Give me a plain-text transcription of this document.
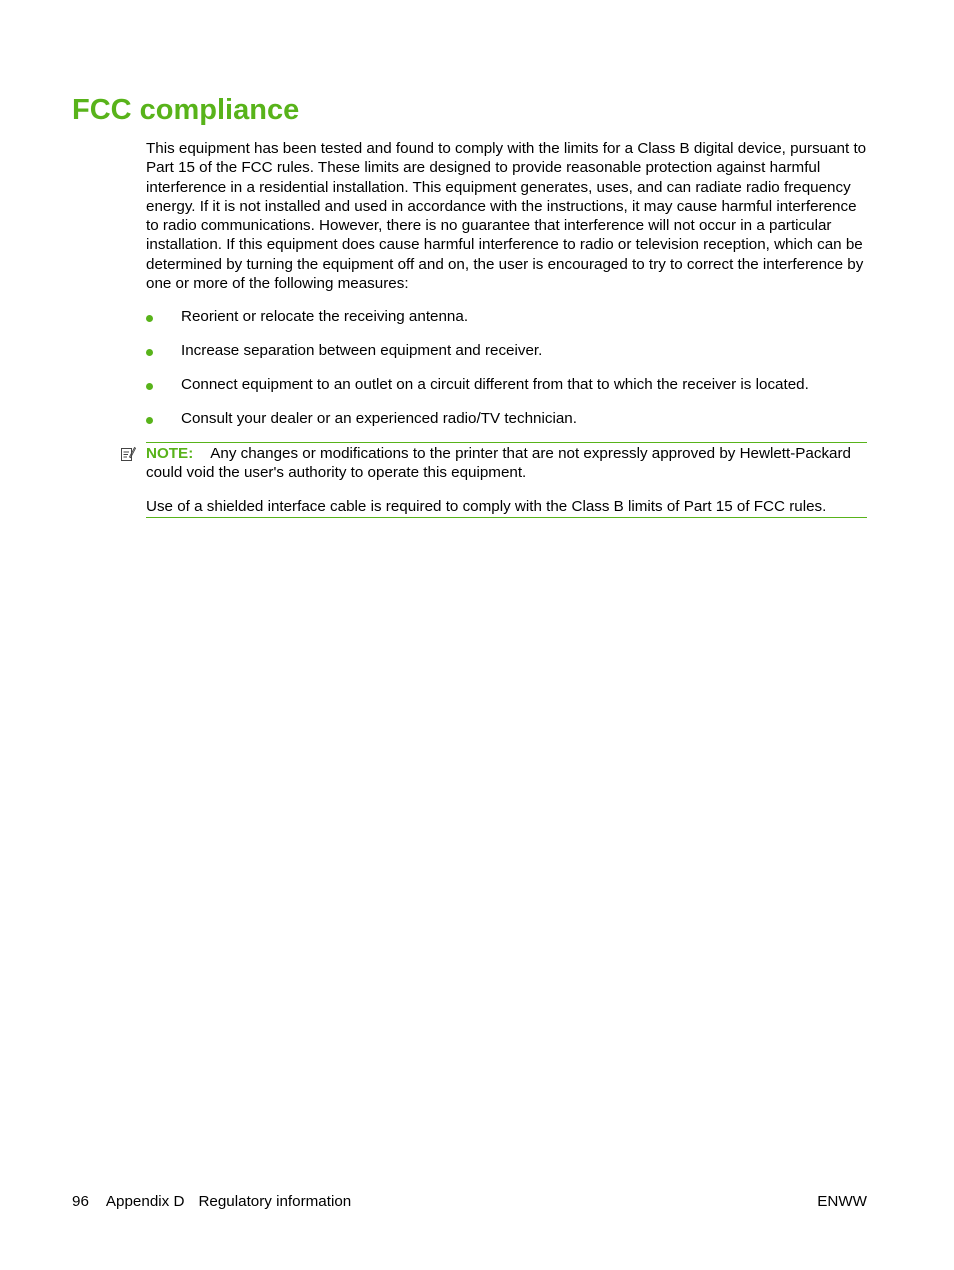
FCC compliance

This equipment has been tested and found to comply with the limits for a Class B digital device, pursuant to Part 15 of the FCC rules. These limits are designed to provide reasonable protection against harmful interference in a residential installation. This equipment generates, uses, and can radiate radio frequency energy. If it is not installed and used in accordance with the instructions, it may cause harmful interference to radio communications. However, there is no guarantee that interference will not occur in a particular installation. If this equipment does cause harmful interference to radio or television reception, which can be determined by turning the equipment off and on, the user is encouraged to try to correct the interference by one or more of the following measures:

Reorient or relocate the receiving antenna.
Increase separation between equipment and receiver.
Connect equipment to an outlet on a circuit different from that to which the receiver is located.
Consult your dealer or an experienced radio/TV technician.

NOTE: Any changes or modifications to the printer that are not expressly approved by Hewlett-Packard could void the user's authority to operate this equipment.

Use of a shielded interface cable is required to comply with the Class B limits of Part 15 of FCC rules.

96 Appendix D Regulatory information	ENWW
